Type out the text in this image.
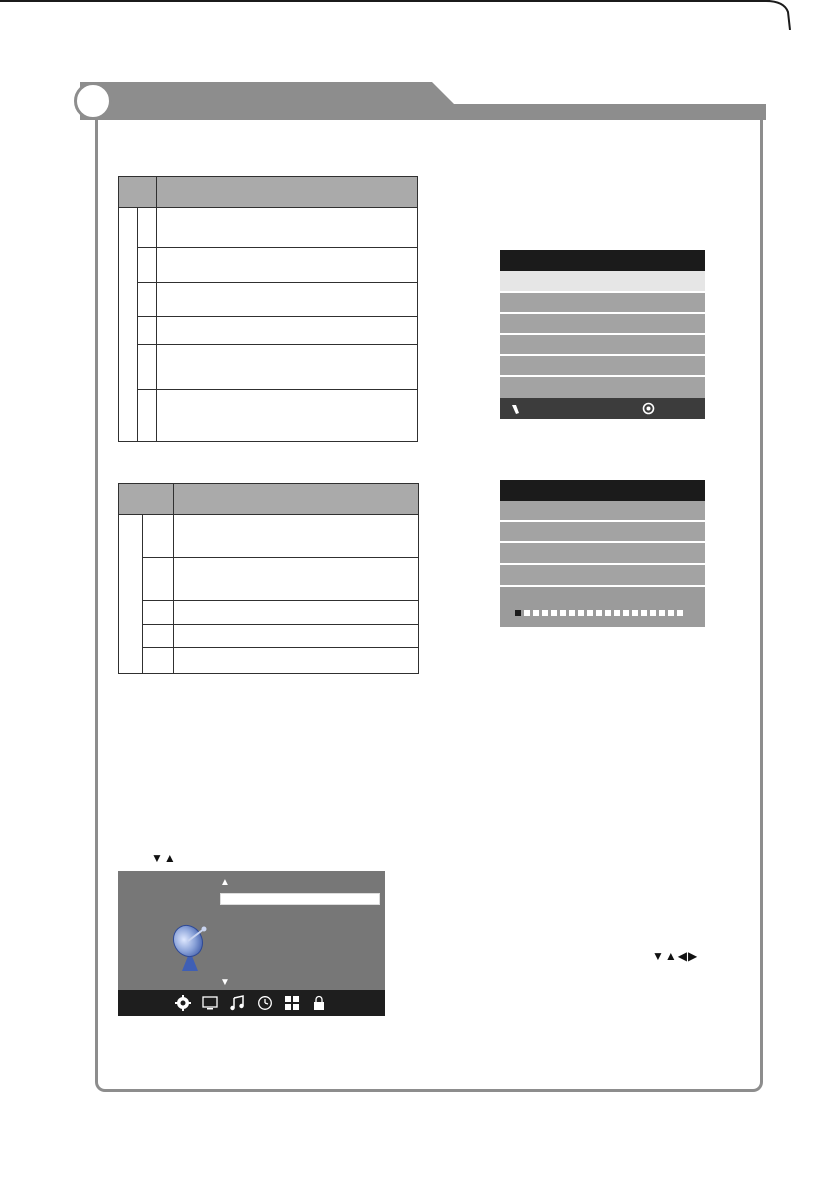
▼▲
▲
▼
▼▲◀▶
